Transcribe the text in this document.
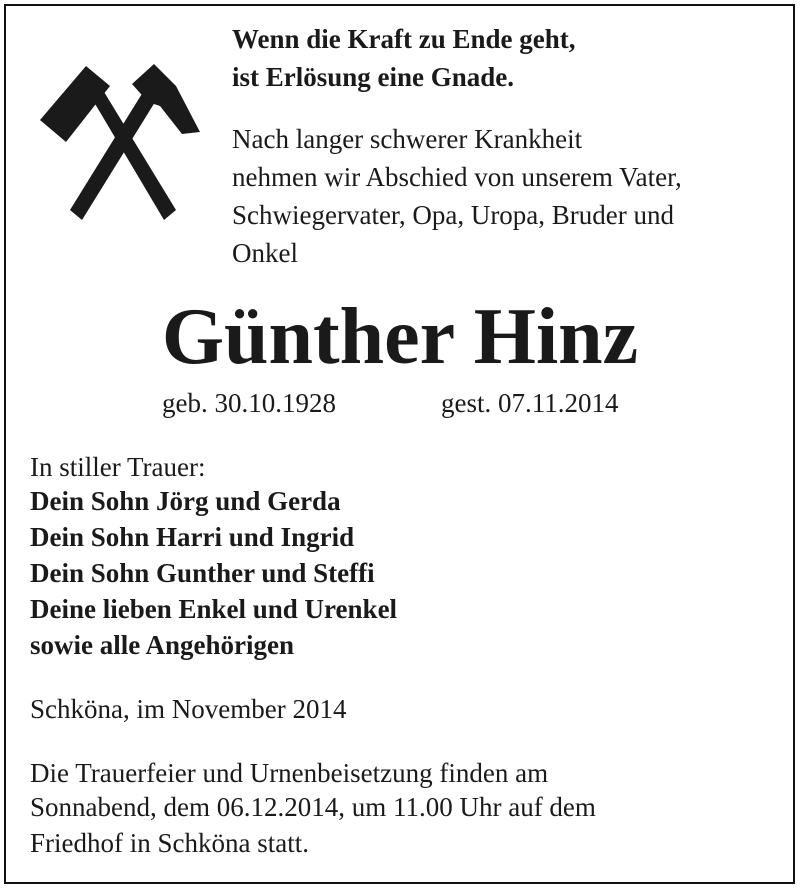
Wenn die Kraft zu Ende geht,
ist Erlösung eine Gnade.
Nach langer schwerer Krankheit
nehmen wir Abschied von unserem Vater,
Schwiegervater, Opa, Uropa, Bruder und
Onkel
Günther Hinz
geb. 30.10.1928	gest. 07.11.2014
In stiller Trauer:
Dein Sohn Jörg und Gerda
Dein Sohn Harri und Ingrid
Dein Sohn Gunther und Steffi
Deine lieben Enkel und Urenkel
sowie alle Angehörigen
Schköna, im November 2014
Die Trauerfeier und Urnenbeisetzung finden am
Sonnabend, dem 06.12.2014, um 11.00 Uhr auf dem
Friedhof in Schköna statt.
